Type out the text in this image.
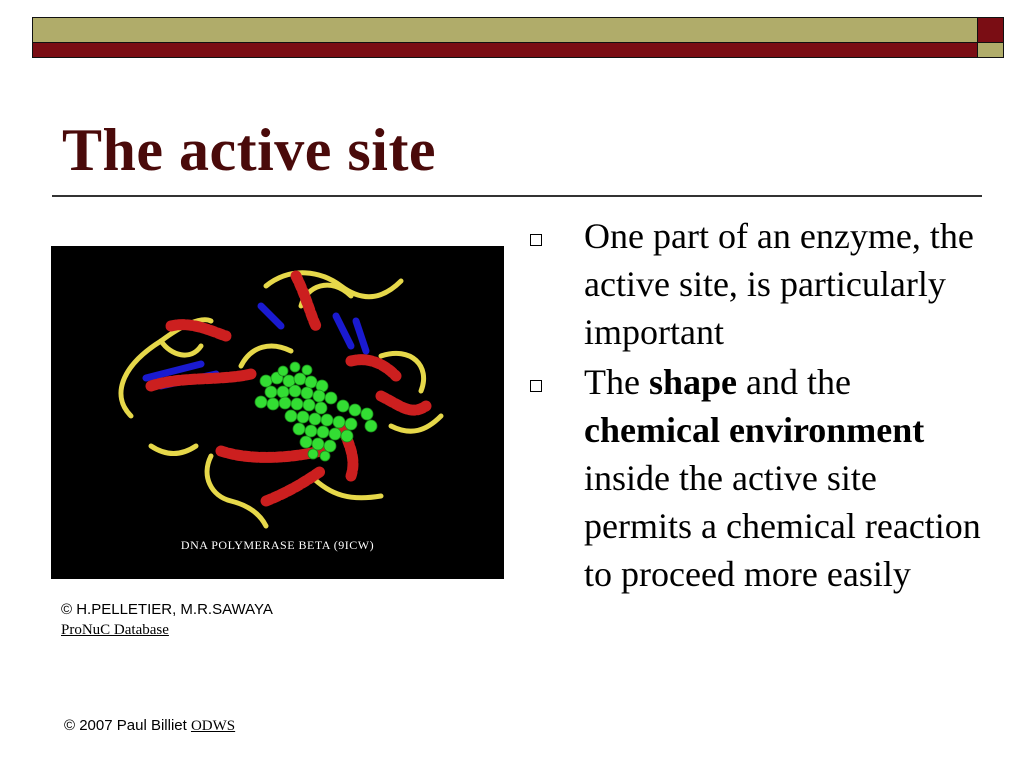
The active site
DNA POLYMERASE BETA (9ICW)
© H.PELLETIER, M.R.SAWAYA
ProNuC Database
One part of an enzyme, the active site, is particularly important
The shape and the chemical environment inside the active site permits a chemical reaction to proceed more easily
© 2007 Paul Billiet ODWS
